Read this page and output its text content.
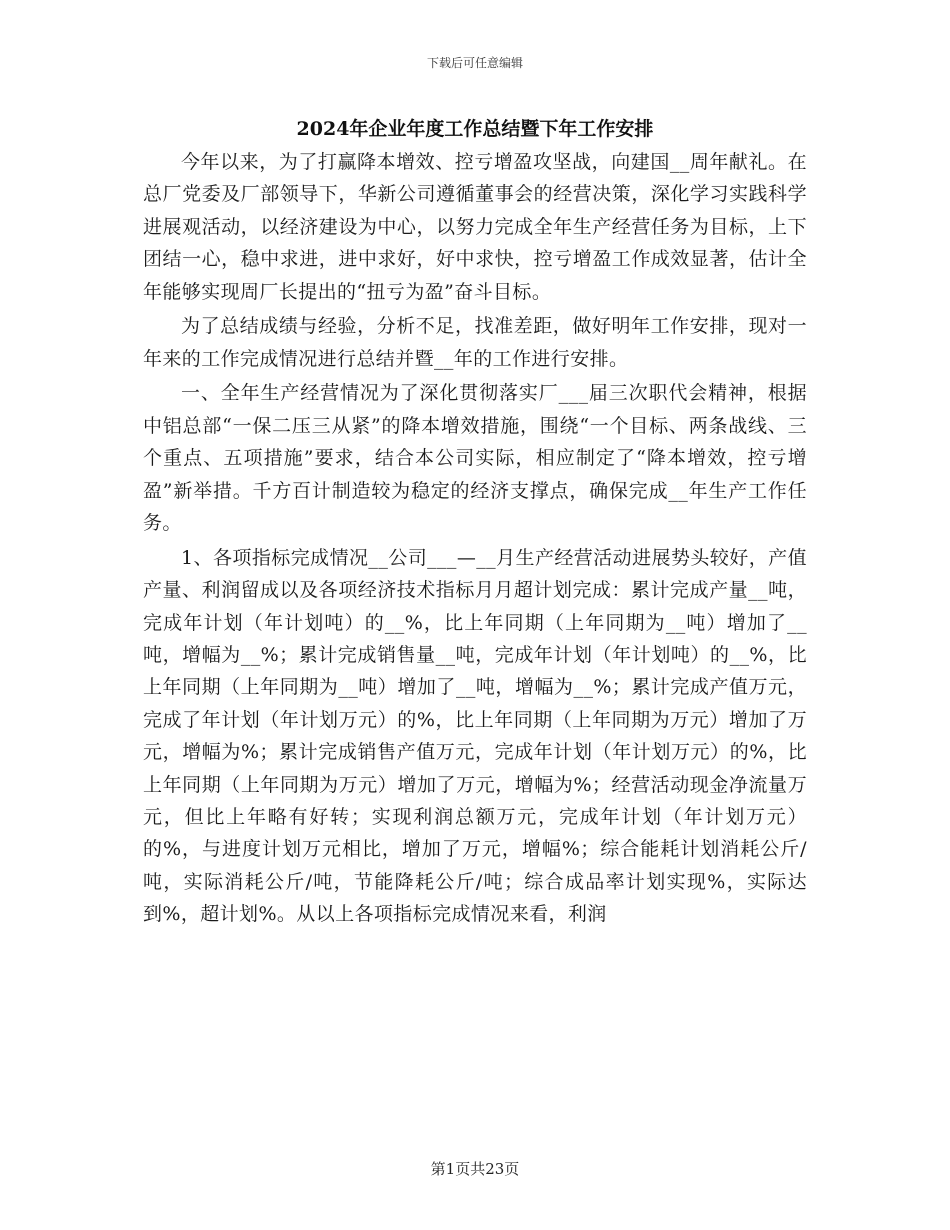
下载后可任意编辑
2024年企业年度工作总结暨下年工作安排

今年以来，为了打赢降本增效、控亏增盈攻坚战，向建国__周年献礼。在总厂党委及厂部领导下，华新公司遵循董事会的经营决策，深化学习实践科学进展观活动，以经济建设为中心，以努力完成全年生产经营任务为目标，上下团结一心，稳中求进，进中求好，好中求快，控亏增盈工作成效显著，估计全年能够实现周厂长提出的“扭亏为盈”奋斗目标。

为了总结成绩与经验，分析不足，找准差距，做好明年工作安排，现对一年来的工作完成情况进行总结并暨__年的工作进行安排。

一、全年生产经营情况为了深化贯彻落实厂___届三次职代会精神，根据中铝总部“一保二压三从紧”的降本增效措施，围绕“一个目标、两条战线、三个重点、五项措施”要求，结合本公司实际，相应制定了“降本增效，控亏增盈”新举措。千方百计制造较为稳定的经济支撑点，确保完成__年生产工作任务。

1、各项指标完成情况__公司___—__月生产经营活动进展势头较好，产值产量、利润留成以及各项经济技术指标月月超计划完成：累计完成产量__吨，完成年计划（年计划吨）的__%，比上年同期（上年同期为__吨）增加了__吨，增幅为__%；累计完成销售量__吨，完成年计划（年计划吨）的__%，比上年同期（上年同期为__吨）增加了__吨，增幅为__%；累计完成产值万元，完成了年计划（年计划万元）的%，比上年同期（上年同期为万元）增加了万元，增幅为%；累计完成销售产值万元，完成年计划（年计划万元）的%，比上年同期（上年同期为万元）增加了万元，增幅为%；经营活动现金净流量万元，但比上年略有好转；实现利润总额万元，完成年计划（年计划万元）的%，与进度计划万元相比，增加了万元，增幅%；综合能耗计划消耗公斤/吨，实际消耗公斤/吨，节能降耗公斤/吨；综合成品率计划实现%，实际达到%，超计划%。从以上各项指标完成情况来看，利润

第1页共23页
